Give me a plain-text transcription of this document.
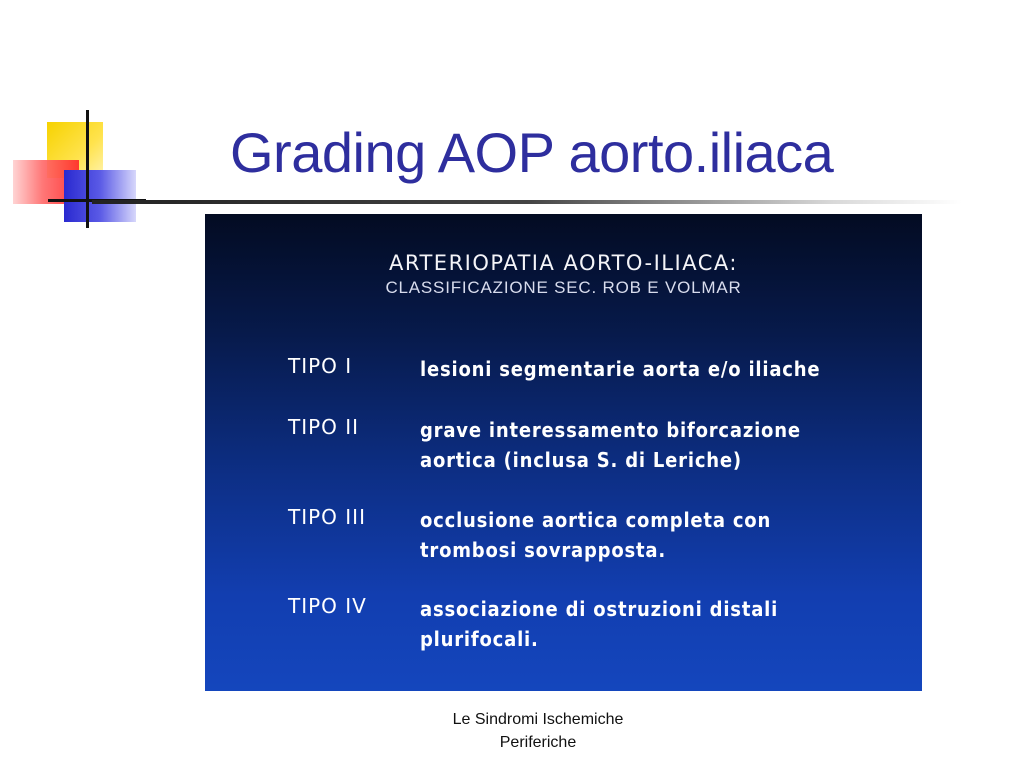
Grading AOP aorto.iliaca
ARTERIOPATIA AORTO-ILIACA:
CLASSIFICAZIONE SEC. ROB E VOLMAR
TIPO I	lesioni segmentarie aorta e/o iliache
TIPO II	grave interessamento biforcazione
aortica (inclusa S. di Leriche)
TIPO III	occlusione aortica completa con
trombosi sovrapposta.
TIPO IV	associazione di ostruzioni distali
plurifocali.
Le Sindromi Ischemiche
Periferiche
